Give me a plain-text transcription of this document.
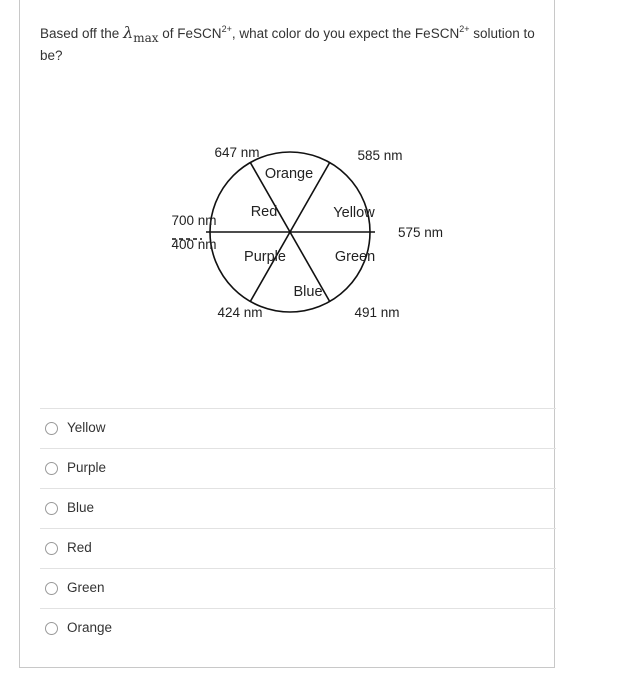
Based off the λmax of FeSCN$^{2+}$, what color do you expect the FeSCN$^{2+}$ solution to be?
Orange
Red	Yellow
Purple	Green
Blue
647 nm	585 nm
700 nm
400 nm
575 nm
424 nm	491 nm
Yellow
Purple
Blue
Red
Green
Orange
